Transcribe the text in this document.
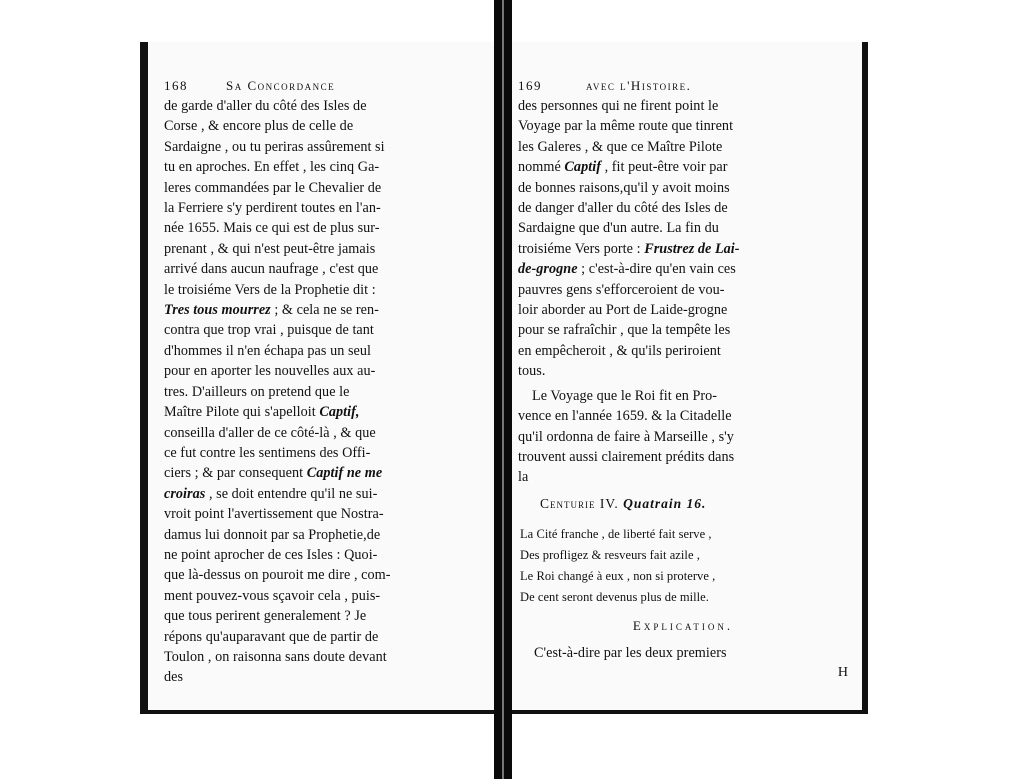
168	Sa Concordance
de garde d'aller du côté des Isles de
Corse , & encore plus de celle de
Sardaigne , ou tu periras assûrement si
tu en aproches. En effet , les cinq Ga-
leres commandées par le Chevalier de
la Ferriere s'y perdirent toutes en l'an-
née 1655. Mais ce qui est de plus sur-
prenant , & qui n'est peut-être jamais
arrivé dans aucun naufrage , c'est que
le troisiéme Vers de la Prophetie dit :
Tres tous mourrez ; & cela ne se ren-
contra que trop vrai , puisque de tant
d'hommes il n'en échapa pas un seul
pour en aporter les nouvelles aux au-
tres. D'ailleurs on pretend que le
Maître Pilote qui s'apelloit Captif,
conseilla d'aller de ce côté-là , & que
ce fut contre les sentimens des Offi-
ciers ; & par consequent Captif ne me
croiras , se doit entendre qu'il ne sui-
vroit point l'avertissement que Nostra-
damus lui donnoit par sa Prophetie,de
ne point aprocher de ces Isles : Quoi-
que là-dessus on pouroit me dire , com-
ment pouvez-vous sçavoir cela , puis-
que tous perirent generalement ? Je
répons qu'auparavant que de partir de
Toulon , on raisonna sans doute devant
des
169	avec l'Histoire.
des personnes qui ne firent point le
Voyage par la même route que tinrent
les Galeres , & que ce Maître Pilote
nommé Captif , fit peut-être voir par
de bonnes raisons,qu'il y avoit moins
de danger d'aller du côté des Isles de
Sardaigne que d'un autre. La fin du
troisiéme Vers porte : Frustrez de Lai-
de-grogne ; c'est-à-dire qu'en vain ces
pauvres gens s'efforceroient de vou-
loir aborder au Port de Laide-grogne
pour se rafraîchir , que la tempête les
en empêcheroit , & qu'ils periroient
tous.
Le Voyage que le Roi fit en Pro-
vence en l'année 1659. & la Citadelle
qu'il ordonna de faire à Marseille , s'y
trouvent aussi clairement prédits dans
la
Centurie IV. Quatrain 16.
La Cité franche , de liberté fait serve ,
Des profligez & resveurs fait azile ,
Le Roi changé à eux , non si proterve ,
De cent seront devenus plus de mille.
Explication.
C'est-à-dire par les deux premiers
H
